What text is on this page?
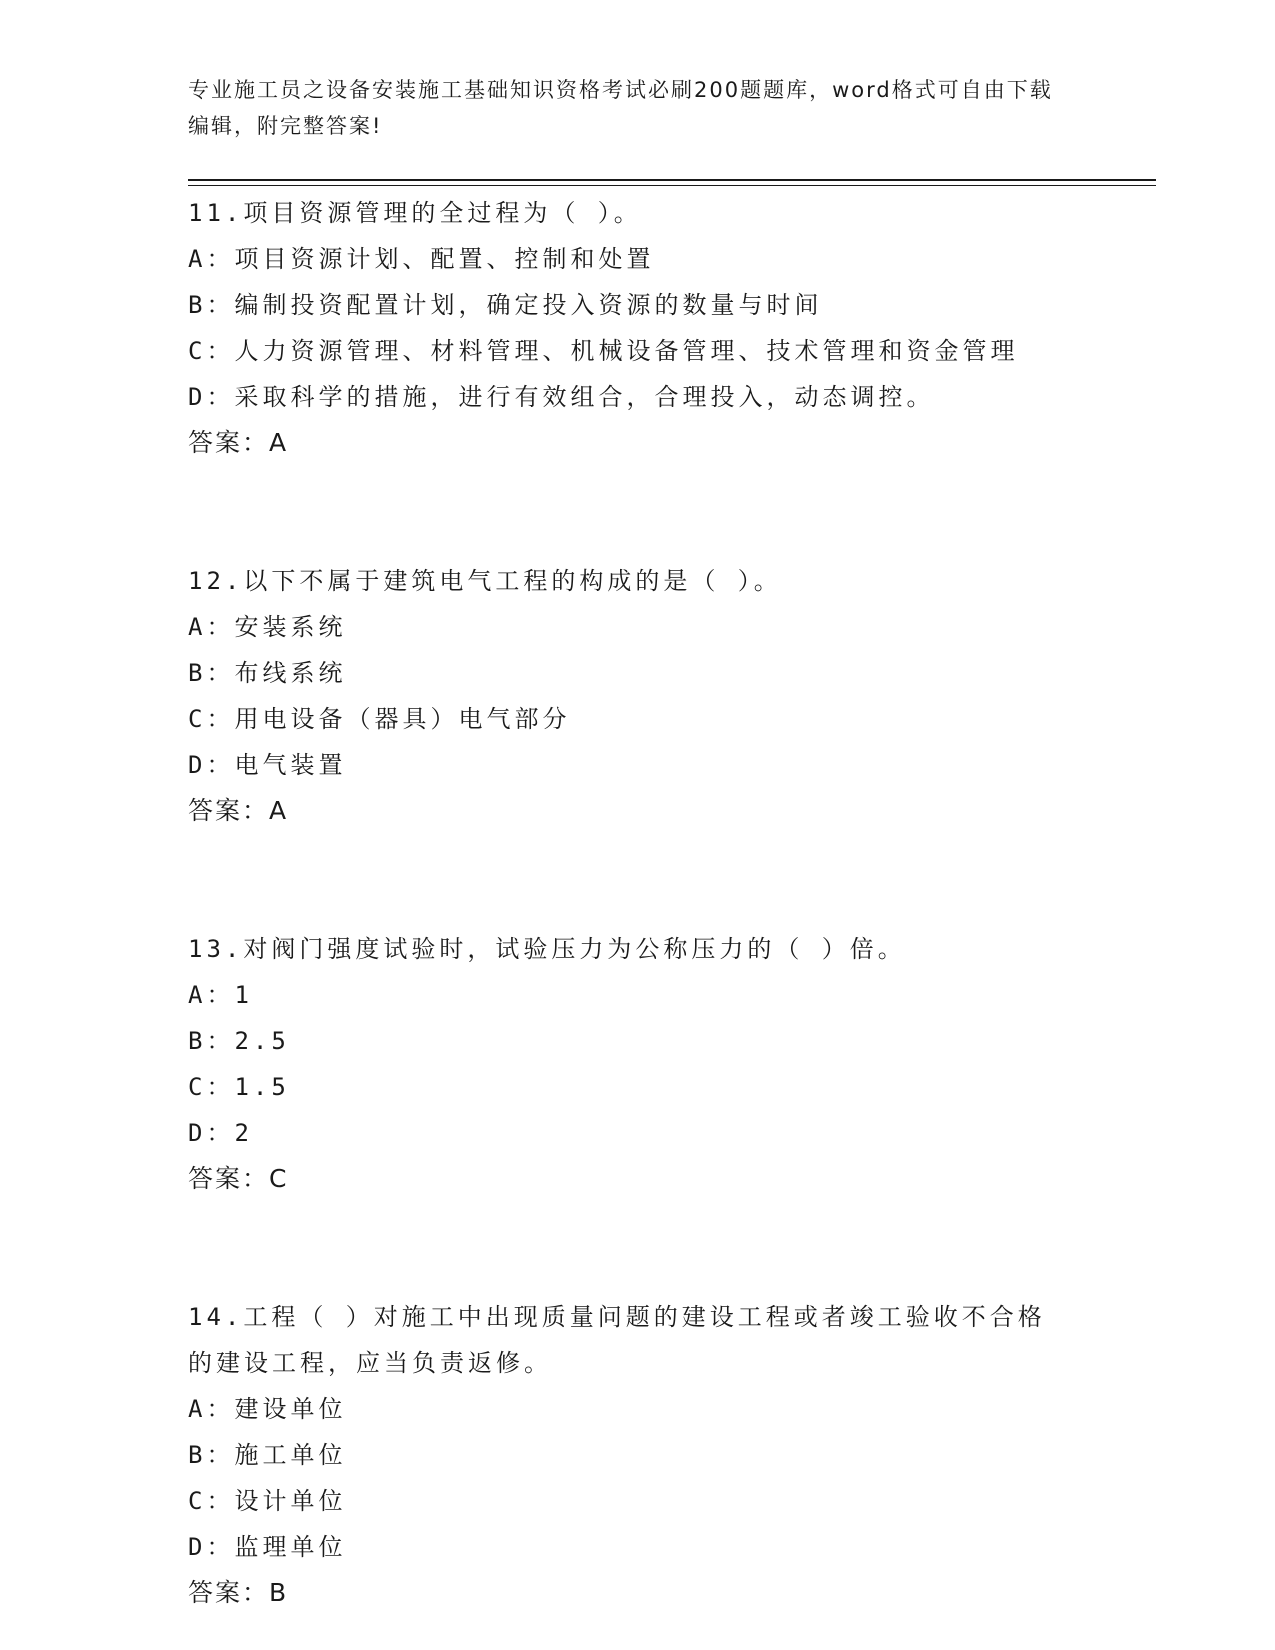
专业施工员之设备安装施工基础知识资格考试必刷200题题库，word格式可自由下载编辑，附完整答案!
11.项目资源管理的全过程为（ ）。
A：项目资源计划、配置、控制和处置
B：编制投资配置计划，确定投入资源的数量与时间
C：人力资源管理、材料管理、机械设备管理、技术管理和资金管理
D：采取科学的措施，进行有效组合，合理投入，动态调控。
答案：A
12.以下不属于建筑电气工程的构成的是（ ）。
A：安装系统
B：布线系统
C：用电设备（器具）电气部分
D：电气装置
答案：A
13.对阀门强度试验时，试验压力为公称压力的（ ）倍。
A：1
B：2.5
C：1.5
D：2
答案：C
14.工程（ ）对施工中出现质量问题的建设工程或者竣工验收不合格的建设工程，应当负责返修。
A：建设单位
B：施工单位
C：设计单位
D：监理单位
答案：B
